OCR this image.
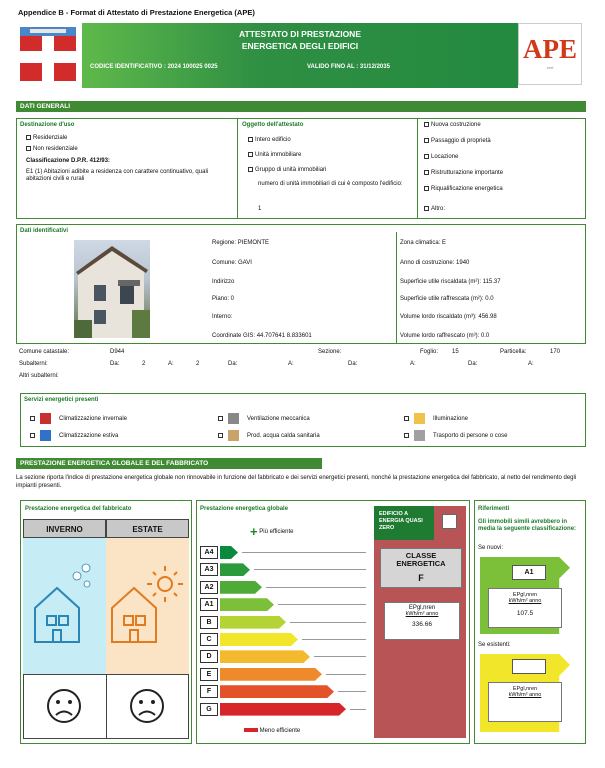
Appendice B - Format di Attestato di Prestazione Energetica (APE)
ATTESTATO DI PRESTAZIONE
ENERGETICA DEGLI EDIFICI
CODICE IDENTIFICATIVO : 2024 100025 0025	VALIDO FINO AL : 31/12/2035
APE
cert
DATI GENERALI
Destinazione d'uso
Residenziale
Non residenziale
Classificazione D.P.R. 412/93:
E1 (1) Abitazioni adibite a residenza con carattere continuativo, quali abitazioni civili e rurali
Oggetto dell'attestato
Intero edificio
Unità immobiliare
Gruppo di unità immobiliari
numero di unità immobiliari di cui è composto l'edificio:
1
Nuova costruzione
Passaggio di proprietà
Locazione
Ristrutturazione importante
Riqualificazione energetica
Altro:
Dati identificativi
Regione: PIEMONTE
Comune: GAVI
Indirizzo
Piano: 0
Interno:
Coordinate GIS: 44.707641 8.833601
Zona climatica: E
Anno di costruzione: 1940
Superficie utile riscaldata (m²): 115.37
Superficie utile raffrescata (m²): 0.0
Volume lordo riscaldato (m³): 456.98
Volume lordo raffrescato (m³): 0.0
Comune catastale:	D944	Sezione:	Foglio: 15	Particella:	170
Subalterni:	Da:	2	A:	2	Da:	A:	Da:	A:	Da:	A:
Altri subalterni:
Servizi energetici presenti
Climatizzazione invernale
Climatizzazione estiva
Ventilazione meccanica
Prod. acqua calda sanitaria
Illuminazione
Trasporto di persone o cose
PRESTAZIONE ENERGETICA GLOBALE E DEL FABBRICATO
La sezione riporta l'indice di prestazione energetica globale non rinnovabile in funzione del fabbricato e dei servizi energetici presenti, nonché la prestazione energetica del fabbricato, al netto del rendimento degli impianti presenti.
Prestazione energetica del fabbricato
INVERNO	ESTATE
Prestazione energetica globale
+ Più efficiente
A4
A3
A2
A1
B
C
D
E
F
G
Meno efficiente
EDIFICIO A ENERGIA QUASI ZERO
CLASSE ENERGETICA
F
EPgl,nren
kWh/m² anno
336.66
Riferimenti
Gli immobili simili avrebbero in media la seguente classificazione:
Se nuovi:
A1
EPgl,nren
kWh/m² anno
107.5
Se esistenti:
EPgl,nren
kWh/m² anno
